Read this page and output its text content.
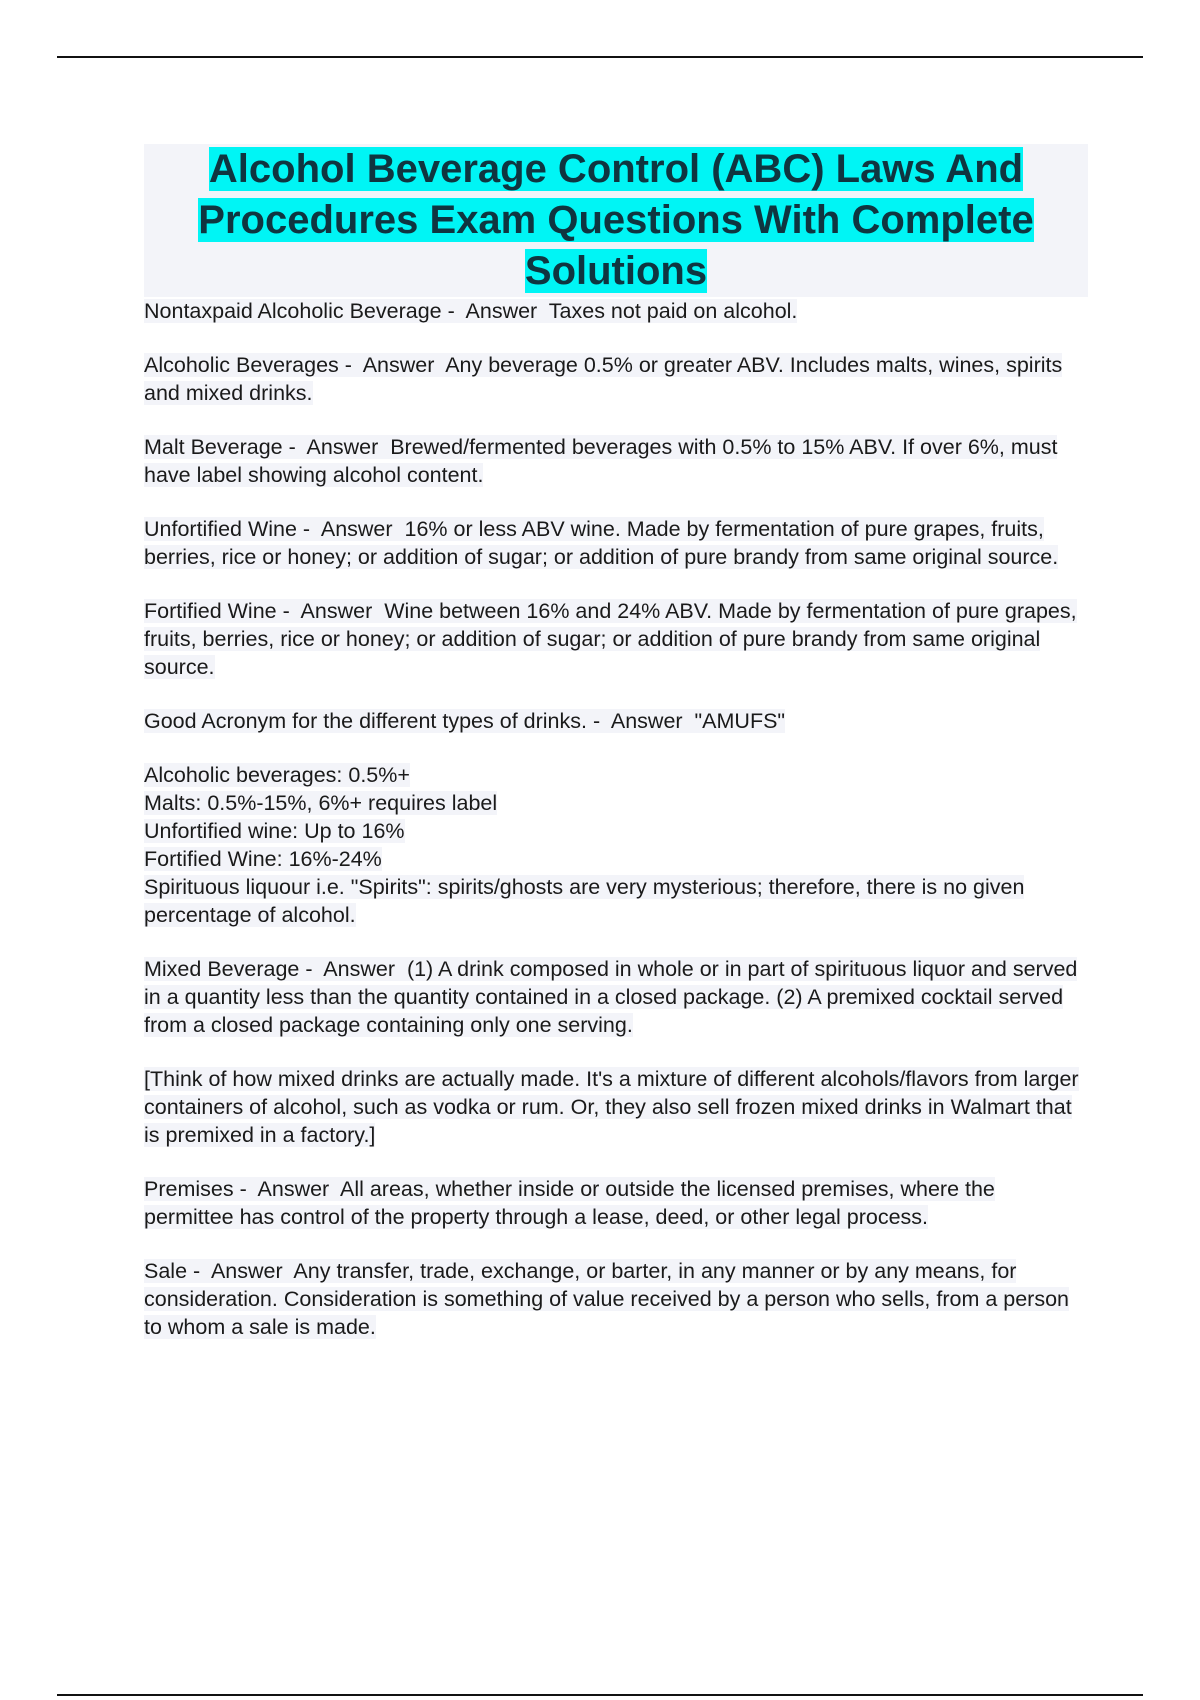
Alcohol Beverage Control (ABC) Laws And Procedures Exam Questions With Complete Solutions

Nontaxpaid Alcoholic Beverage -  Answer Taxes not paid on alcohol.

Alcoholic Beverages -  Answer Any beverage 0.5% or greater ABV. Includes malts, wines, spirits and mixed drinks.

Malt Beverage -  Answer Brewed/fermented beverages with 0.5% to 15% ABV. If over 6%, must have label showing alcohol content.

Unfortified Wine -  Answer 16% or less ABV wine. Made by fermentation of pure grapes, fruits, berries, rice or honey; or addition of sugar; or addition of pure brandy from same original source.

Fortified Wine -  Answer Wine between 16% and 24% ABV. Made by fermentation of pure grapes, fruits, berries, rice or honey; or addition of sugar; or addition of pure brandy from same original source.

Good Acronym for the different types of drinks. -  Answer "AMUFS"

Alcoholic beverages: 0.5%+
Malts: 0.5%-15%, 6%+ requires label
Unfortified wine: Up to 16%
Fortified Wine: 16%-24%
Spirituous liquour i.e. "Spirits": spirits/ghosts are very mysterious; therefore, there is no given percentage of alcohol.

Mixed Beverage -  Answer (1) A drink composed in whole or in part of spirituous liquor and served in a quantity less than the quantity contained in a closed package. (2) A premixed cocktail served from a closed package containing only one serving.

[Think of how mixed drinks are actually made. It's a mixture of different alcohols/flavors from larger containers of alcohol, such as vodka or rum. Or, they also sell frozen mixed drinks in Walmart that is premixed in a factory.]

Premises -  Answer All areas, whether inside or outside the licensed premises, where the permittee has control of the property through a lease, deed, or other legal process.

Sale -  Answer Any transfer, trade, exchange, or barter, in any manner or by any means, for consideration. Consideration is something of value received by a person who sells, from a person to whom a sale is made.
